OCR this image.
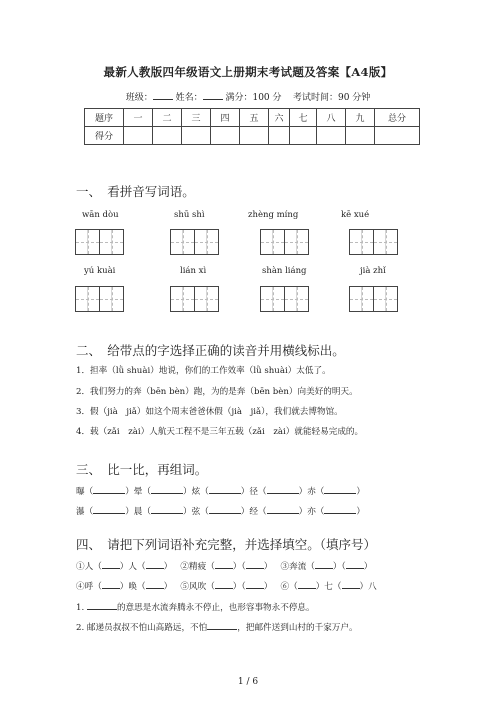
最新人教版四年级语文上册期末考试题及答案【A4版】
班级：	姓名：	满分：100 分 考试时间：90 分钟
题序	一	二	三	四	五	六	七	八	九	总分
得分										
一、　看拼音写词语。
wān dòu	shū shì	zhèng míng	kē xué
yú kuài	lián xì	shàn liáng	jià zhǐ
二、　给带点的字选择正确的读音并用横线标出。
1．担率（lǜ shuài）地说，你们的工作效率（lǜ shuài）太低了。
2．我们努力的奔（bēn bèn）跑，为的是奔（bēn bèn）向美好的明天。
3．假（jià　jiǎ）如这个周末爸爸休假（jià　jiǎ），我们就去博物馆。
4．载（zǎi　zài）人航天工程不是三年五载（zǎi　zài）就能轻易完成的。
三、　比一比，再组词。
曝（	）晕（	）炫（	）径（	）赤（	）
瀑（	）晨（	）弦（	）经（	）亦（	）
四、　请把下列词语补充完整，并选择填空。（填序号）
①人（ ）人（ ） ②精疲（ ）（ ） ③奔流（ ）（ ）
④呼（ ）唤（ ） ⑤风吹（ ）（ ） ⑥（ ）七（ ）八
1.	的意思是水流奔腾永不停止，也形容事物永不停息。
2. 邮递员叔叔不怕山高路远，不怕	，把邮件送到山村的千家万户。
1 / 6
